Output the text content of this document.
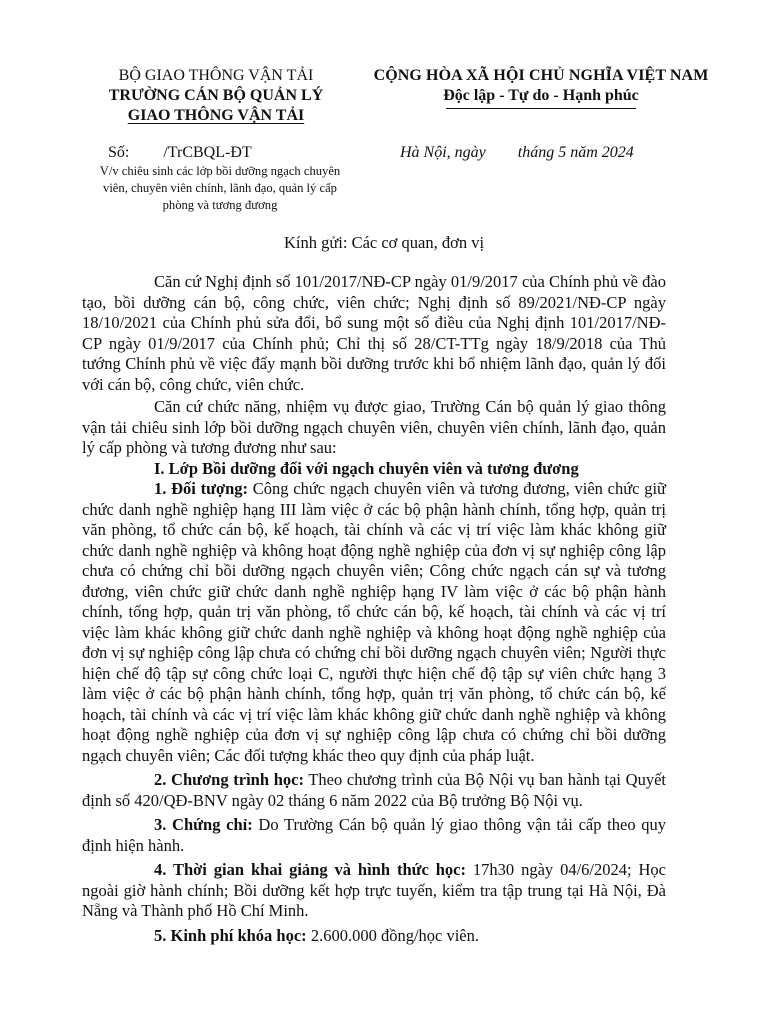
BỘ GIAO THÔNG VẬN TẢI

TRƯỜNG CÁN BỘ QUẢN LÝ

GIAO THÔNG VẬN TẢI

CỘNG HÒA XÃ HỘI CHỦ NGHĨA VIỆT NAM

Độc lập - Tự do - Hạnh phúc

Số: /TrCBQL-ĐT
V/v chiêu sinh các lớp bồi dưỡng ngạch chuyên viên, chuyên viên chính, lãnh đạo, quản lý cấp phòng và tương đương
Hà Nội, ngày        tháng 5 năm 2024
Kính gửi: Các cơ quan, đơn vị

Căn cứ Nghị định số 101/2017/NĐ-CP ngày 01/9/2017 của Chính phủ về đào tạo, bồi dưỡng cán bộ, công chức, viên chức; Nghị định số 89/2021/NĐ-CP ngày 18/10/2021 của Chính phủ sửa đổi, bổ sung một số điều của Nghị định 101/2017/NĐ-CP ngày 01/9/2017 của Chính phủ; Chỉ thị số 28/CT-TTg ngày 18/9/2018 của Thủ tướng Chính phủ về việc đẩy mạnh bồi dưỡng trước khi bổ nhiệm lãnh đạo, quản lý đối với cán bộ, công chức, viên chức.

Căn cứ chức năng, nhiệm vụ được giao, Trường Cán bộ quản lý giao thông vận tải chiêu sinh lớp bồi dưỡng ngạch chuyên viên, chuyên viên chính, lãnh đạo, quản lý cấp phòng và tương đương như sau:

I. Lớp Bồi dưỡng đối với ngạch chuyên viên và tương đương

1. Đối tượng: Công chức ngạch chuyên viên và tương đương, viên chức giữ chức danh nghề nghiệp hạng III làm việc ở các bộ phận hành chính, tổng hợp, quản trị văn phòng, tổ chức cán bộ, kế hoạch, tài chính và các vị trí việc làm khác không giữ chức danh nghề nghiệp và không hoạt động nghề nghiệp của đơn vị sự nghiệp công lập chưa có chứng chỉ bồi dưỡng ngạch chuyên viên; Công chức ngạch cán sự và tương đương, viên chức giữ chức danh nghề nghiệp hạng IV làm việc ở các bộ phận hành chính, tổng hợp, quản trị văn phòng, tổ chức cán bộ, kế hoạch, tài chính và các vị trí việc làm khác không giữ chức danh nghề nghiệp và không hoạt động nghề nghiệp của đơn vị sự nghiệp công lập chưa có chứng chỉ bồi dưỡng ngạch chuyên viên; Người thực hiện chế độ tập sự công chức loại C, người thực hiện chế độ tập sự viên chức hạng 3 làm việc ở các bộ phận hành chính, tổng hợp, quản trị văn phòng, tổ chức cán bộ, kế hoạch, tài chính và các vị trí việc làm khác không giữ chức danh nghề nghiệp và không hoạt động nghề nghiệp của đơn vị sự nghiệp công lập chưa có chứng chỉ bồi dưỡng ngạch chuyên viên; Các đối tượng khác theo quy định của pháp luật.

2. Chương trình học: Theo chương trình của Bộ Nội vụ ban hành tại Quyết định số 420/QĐ-BNV ngày 02 tháng 6 năm 2022 của Bộ trưởng Bộ Nội vụ.

3. Chứng chỉ: Do Trường Cán bộ quản lý giao thông vận tải cấp theo quy định hiện hành.

4. Thời gian khai giảng và hình thức học: 17h30 ngày 04/6/2024; Học ngoài giờ hành chính; Bồi dưỡng kết hợp trực tuyến, kiểm tra tập trung tại Hà Nội, Đà Nẵng và Thành phố Hồ Chí Minh.

5. Kinh phí khóa học: 2.600.000 đồng/học viên.
